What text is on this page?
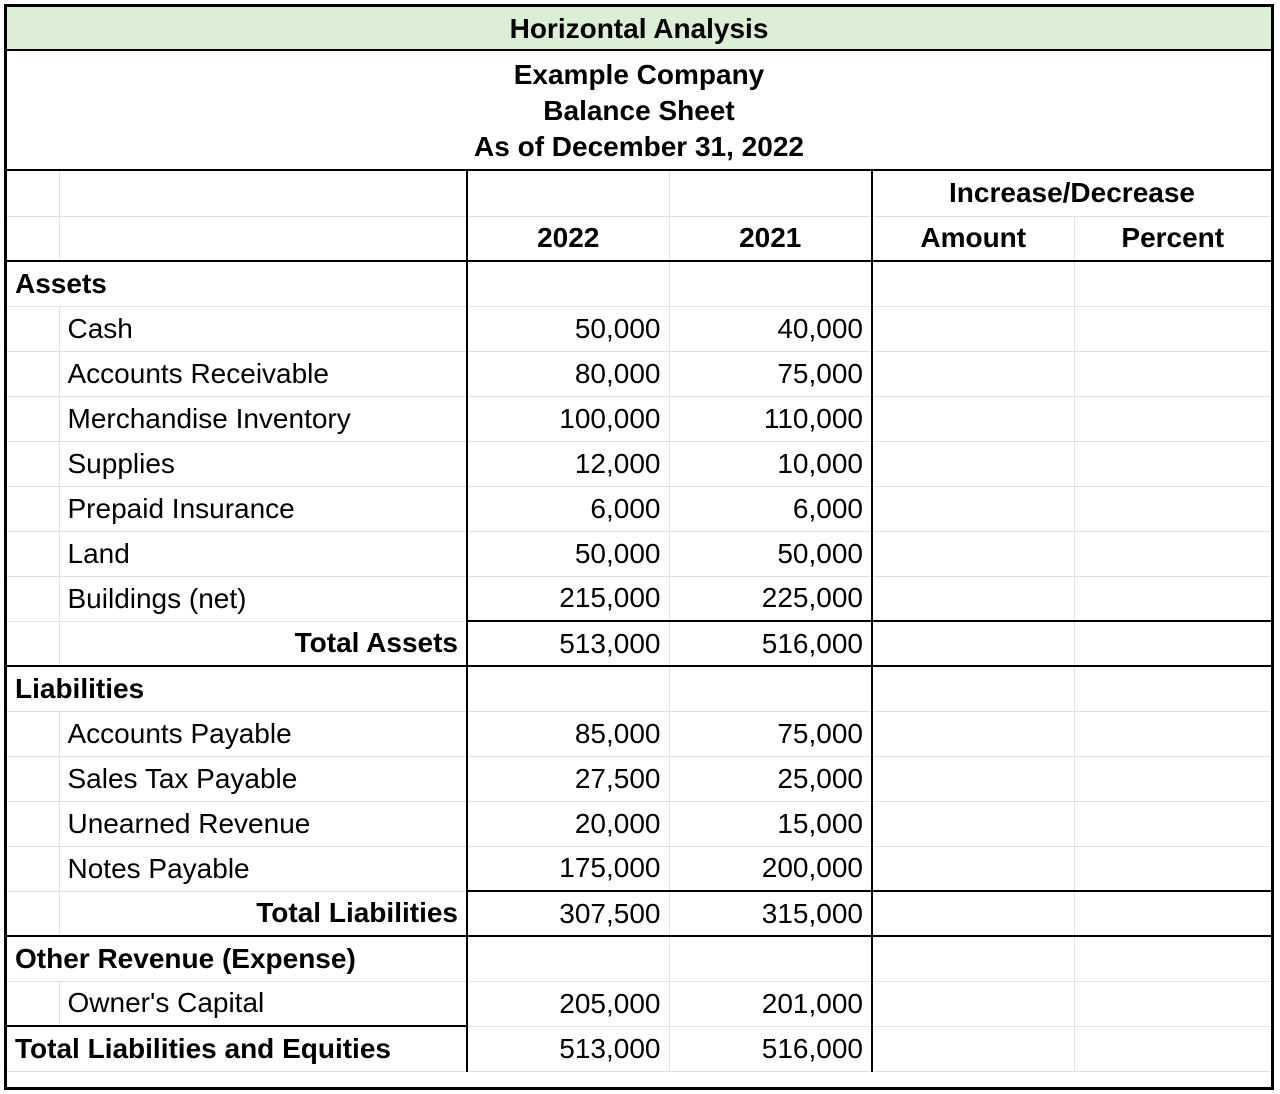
Horizontal Analysis
Example Company
Balance Sheet
As of December 31, 2022
				Increase/Decrease	
		2022	2021	Amount	Percent
Assets					
	Cash	50,000	40,000		
	Accounts Receivable	80,000	75,000		
	Merchandise Inventory	100,000	110,000		
	Supplies	12,000	10,000		
	Prepaid Insurance	6,000	6,000		
	Land	50,000	50,000		
	Buildings (net)	215,000	225,000		
	Total Assets	513,000	516,000		
Liabilities					
	Accounts Payable	85,000	75,000		
	Sales Tax Payable	27,500	25,000		
	Unearned Revenue	20,000	15,000		
	Notes Payable	175,000	200,000		
	Total Liabilities	307,500	315,000		
Other Revenue (Expense)					
	Owner's Capital	205,000	201,000		
Total Liabilities and Equities		513,000	516,000		
